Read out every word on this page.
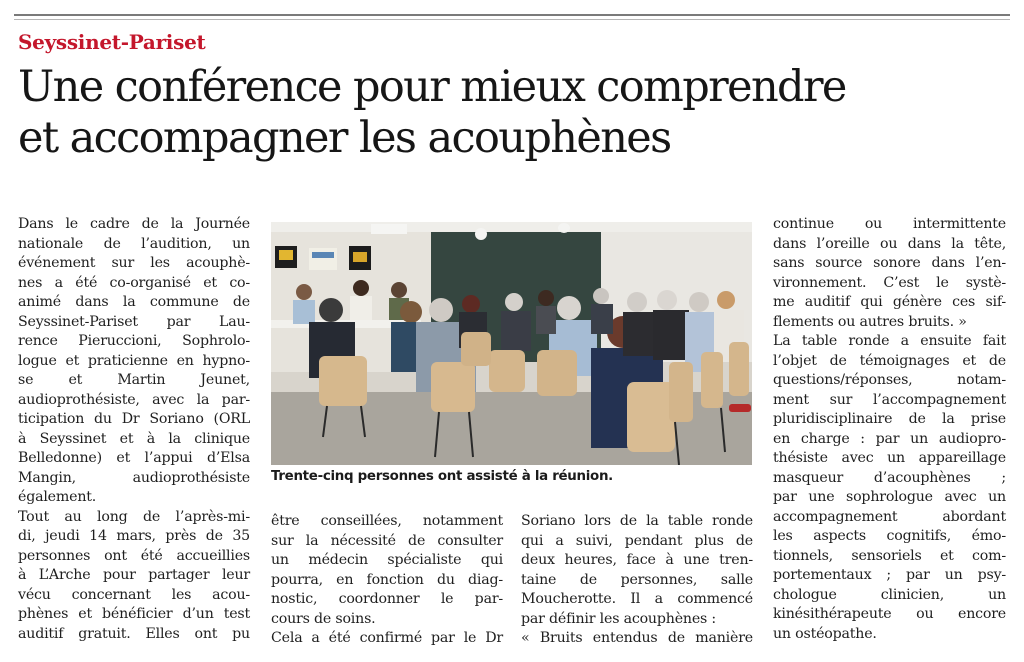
Seyssinet-Pariset
Une conférence pour mieux comprendre
et accompagner les acouphènes
Dans le cadre de la Journée
nationale de l’audition, un
événement sur les acouphè-
nes a été co-organisé et co-
animé dans la commune de
Seyssinet-Pariset par Lau-
rence Pieruccioni, Sophrolo-
logue et praticienne en hypno-
se et Martin Jeunet,
audioprothésiste, avec la par-
ticipation du Dr Soriano (ORL
à Seyssinet et à la clinique
Belledonne) et l’appui d’Elsa
Mangin, audioprothésiste
également.
Tout au long de l’après-mi-
di, jeudi 14 mars, près de 35
personnes ont été accueillies
à L’Arche pour partager leur
vécu concernant les acou-
phènes et bénéficier d’un test
auditif gratuit. Elles ont pu
Trente-cinq personnes ont assisté à la réunion.
être conseillées, notamment
sur la nécessité de consulter
un médecin spécialiste qui
pourra, en fonction du diag-
nostic, coordonner le par-
cours de soins.
Cela a été confirmé par le Dr
Soriano lors de la table ronde
qui a suivi, pendant plus de
deux heures, face à une tren-
taine de personnes, salle
Moucherotte. Il a commencé
par définir les acouphènes :
« Bruits entendus de manière
continue ou intermittente
dans l’oreille ou dans la tête,
sans source sonore dans l’en-
vironnement. C’est le systè-
me auditif qui génère ces sif-
flements ou autres bruits. »
La table ronde a ensuite fait
l’objet de témoignages et de
questions/réponses, notam-
ment sur l’accompagnement
pluridisciplinaire de la prise
en charge : par un audiopro-
thésiste avec un appareillage
masqueur d’acouphènes ;
par une sophrologue avec un
accompagnement abordant
les aspects cognitifs, émo-
tionnels, sensoriels et com-
portementaux ; par un psy-
chologue clinicien, un
kinésithérapeute ou encore
un ostéopathe.
